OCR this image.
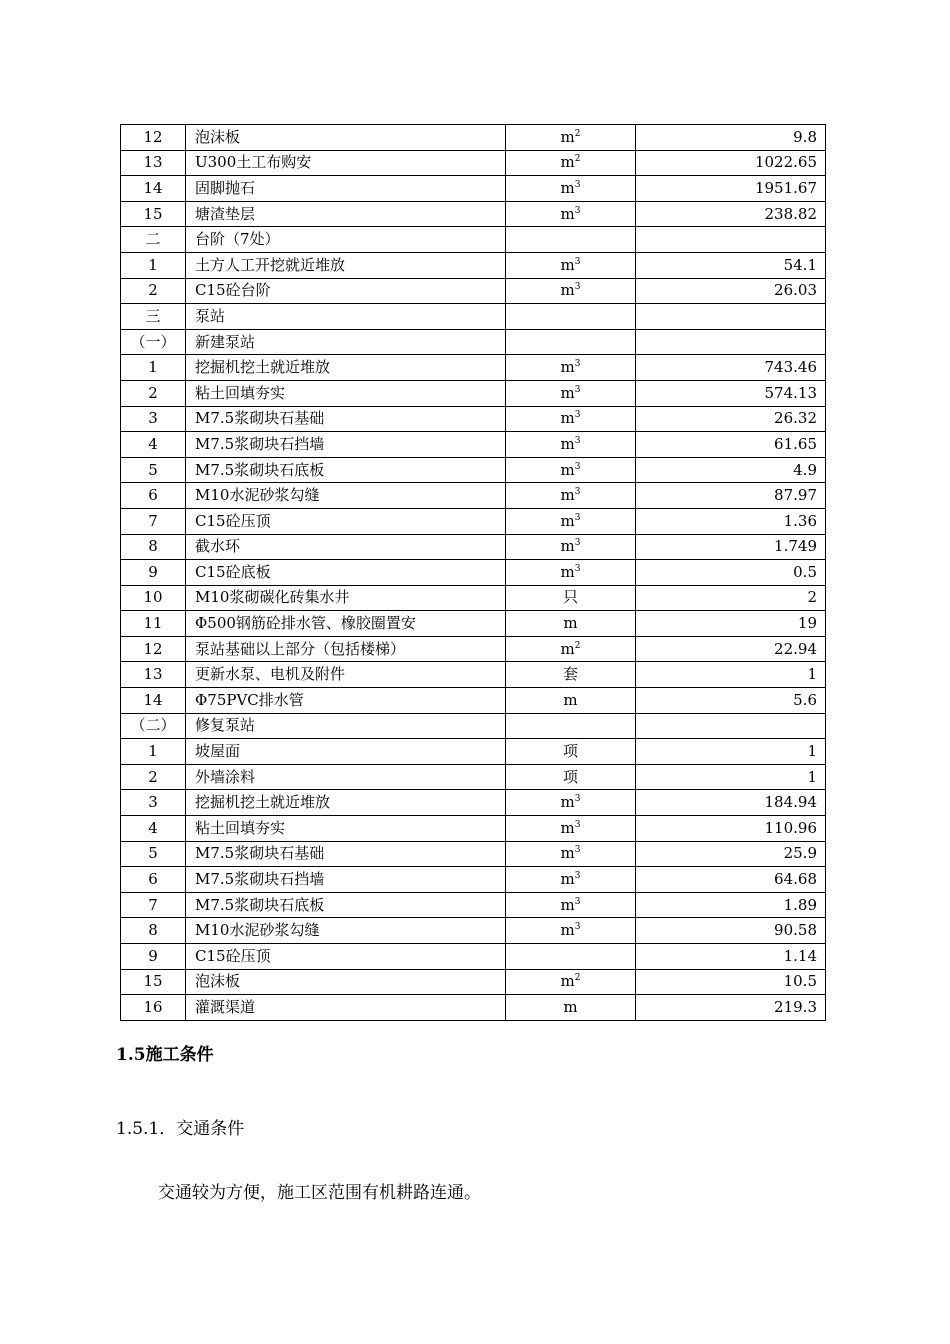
12	泡沫板	$m^2$	9.8
13	U300土工布购安	$m^2$	1022.65
14	固脚抛石	$m^3$	1951.67
15	塘渣垫层	$m^3$	238.82
二	台阶（7处）		
1	土方人工开挖就近堆放	$m^3$	54.1
2	C15砼台阶	$m^3$	26.03
三	泵站		
（一）	新建泵站		
1	挖掘机挖土就近堆放	$m^3$	743.46
2	粘土回填夯实	$m^3$	574.13
3	M7.5浆砌块石基础	$m^3$	26.32
4	M7.5浆砌块石挡墙	$m^3$	61.65
5	M7.5浆砌块石底板	$m^3$	4.9
6	M10水泥砂浆勾缝	$m^3$	87.97
7	C15砼压顶	$m^3$	1.36
8	截水环	$m^3$	1.749
9	C15砼底板	$m^3$	0.5
10	M10浆砌碳化砖集水井	只	2
11	Φ500钢筋砼排水管、橡胶圈置安	m	19
12	泵站基础以上部分（包括楼梯）	$m^2$	22.94
13	更新水泵、电机及附件	套	1
14	Φ75PVC排水管	m	5.6
（二）	修复泵站		
1	坡屋面	项	1
2	外墙涂料	项	1
3	挖掘机挖土就近堆放	$m^3$	184.94
4	粘土回填夯实	$m^3$	110.96
5	M7.5浆砌块石基础	$m^3$	25.9
6	M7.5浆砌块石挡墙	$m^3$	64.68
7	M7.5浆砌块石底板	$m^3$	1.89
8	M10水泥砂浆勾缝	$m^3$	90.58
9	C15砼压顶		1.14
15	泡沫板	$m^2$	10.5
16	灌溉渠道	m	219.3
1.5施工条件
1.5.1．交通条件
交通较为方便，施工区范围有机耕路连通。
